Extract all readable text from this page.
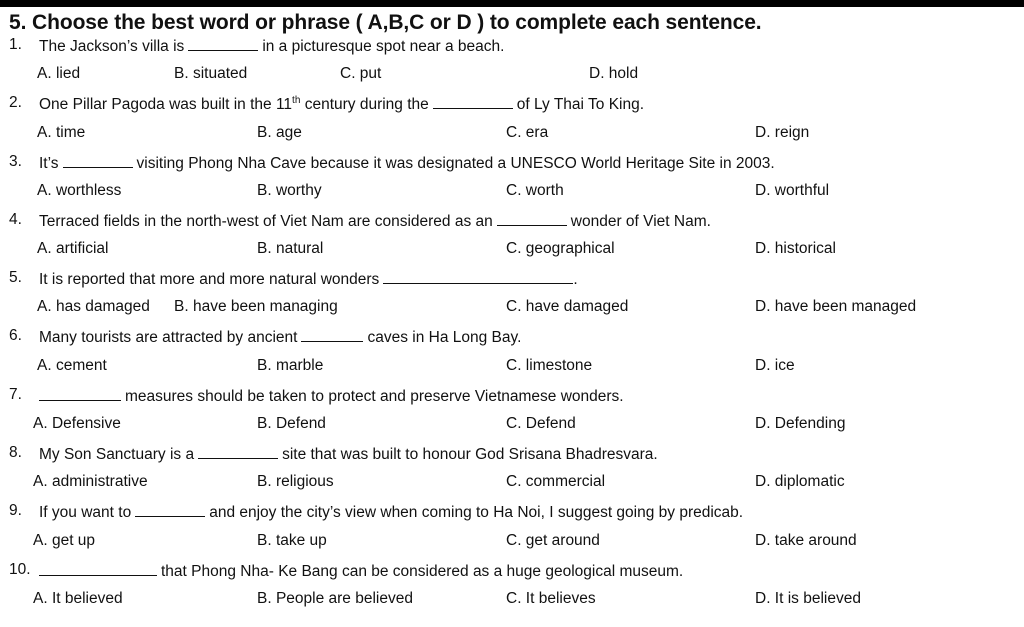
5. Choose the best word or phrase ( A,B,C or D ) to complete each sentence.
1. The Jackson’s villa is	in a picturesque spot near a beach.
A. lied	B. situated	C. put	D. hold
2. One Pillar Pagoda was built in the 11th century during the	of Ly Thai To King.
A. time	B. age	C. era	D. reign
3. It’s	visiting Phong Nha Cave because it was designated a UNESCO World Heritage Site in 2003.
A. worthless	B. worthy	C. worth	D. worthful
4. Terraced fields in the north-west of Viet Nam are considered as an	wonder of Viet Nam.
A. artificial	B. natural	C. geographical	D. historical
5. It is reported that more and more natural wonders	.
A. has damaged B. have been managing	C. have damaged	D. have been managed
6. Many tourists are attracted by ancient	caves in Ha Long Bay.
A. cement	B. marble	C. limestone	D. ice
7.	measures should be taken to protect and preserve Vietnamese wonders.
A. Defensive	B. Defend	C. Defend	D. Defending
8. My Son Sanctuary is a	site that was built to honour God Srisana Bhadresvara.
A. administrative	B. religious	C. commercial	D. diplomatic
9. If you want to	and enjoy the city’s view when coming to Ha Noi, I suggest going by predicab.
A. get up	B. take up	C. get around	D. take around
10.	that Phong Nha- Ke Bang can be considered as a huge geological museum.
A. It believed	B. People are believed	C. It believes	D. It is believed
